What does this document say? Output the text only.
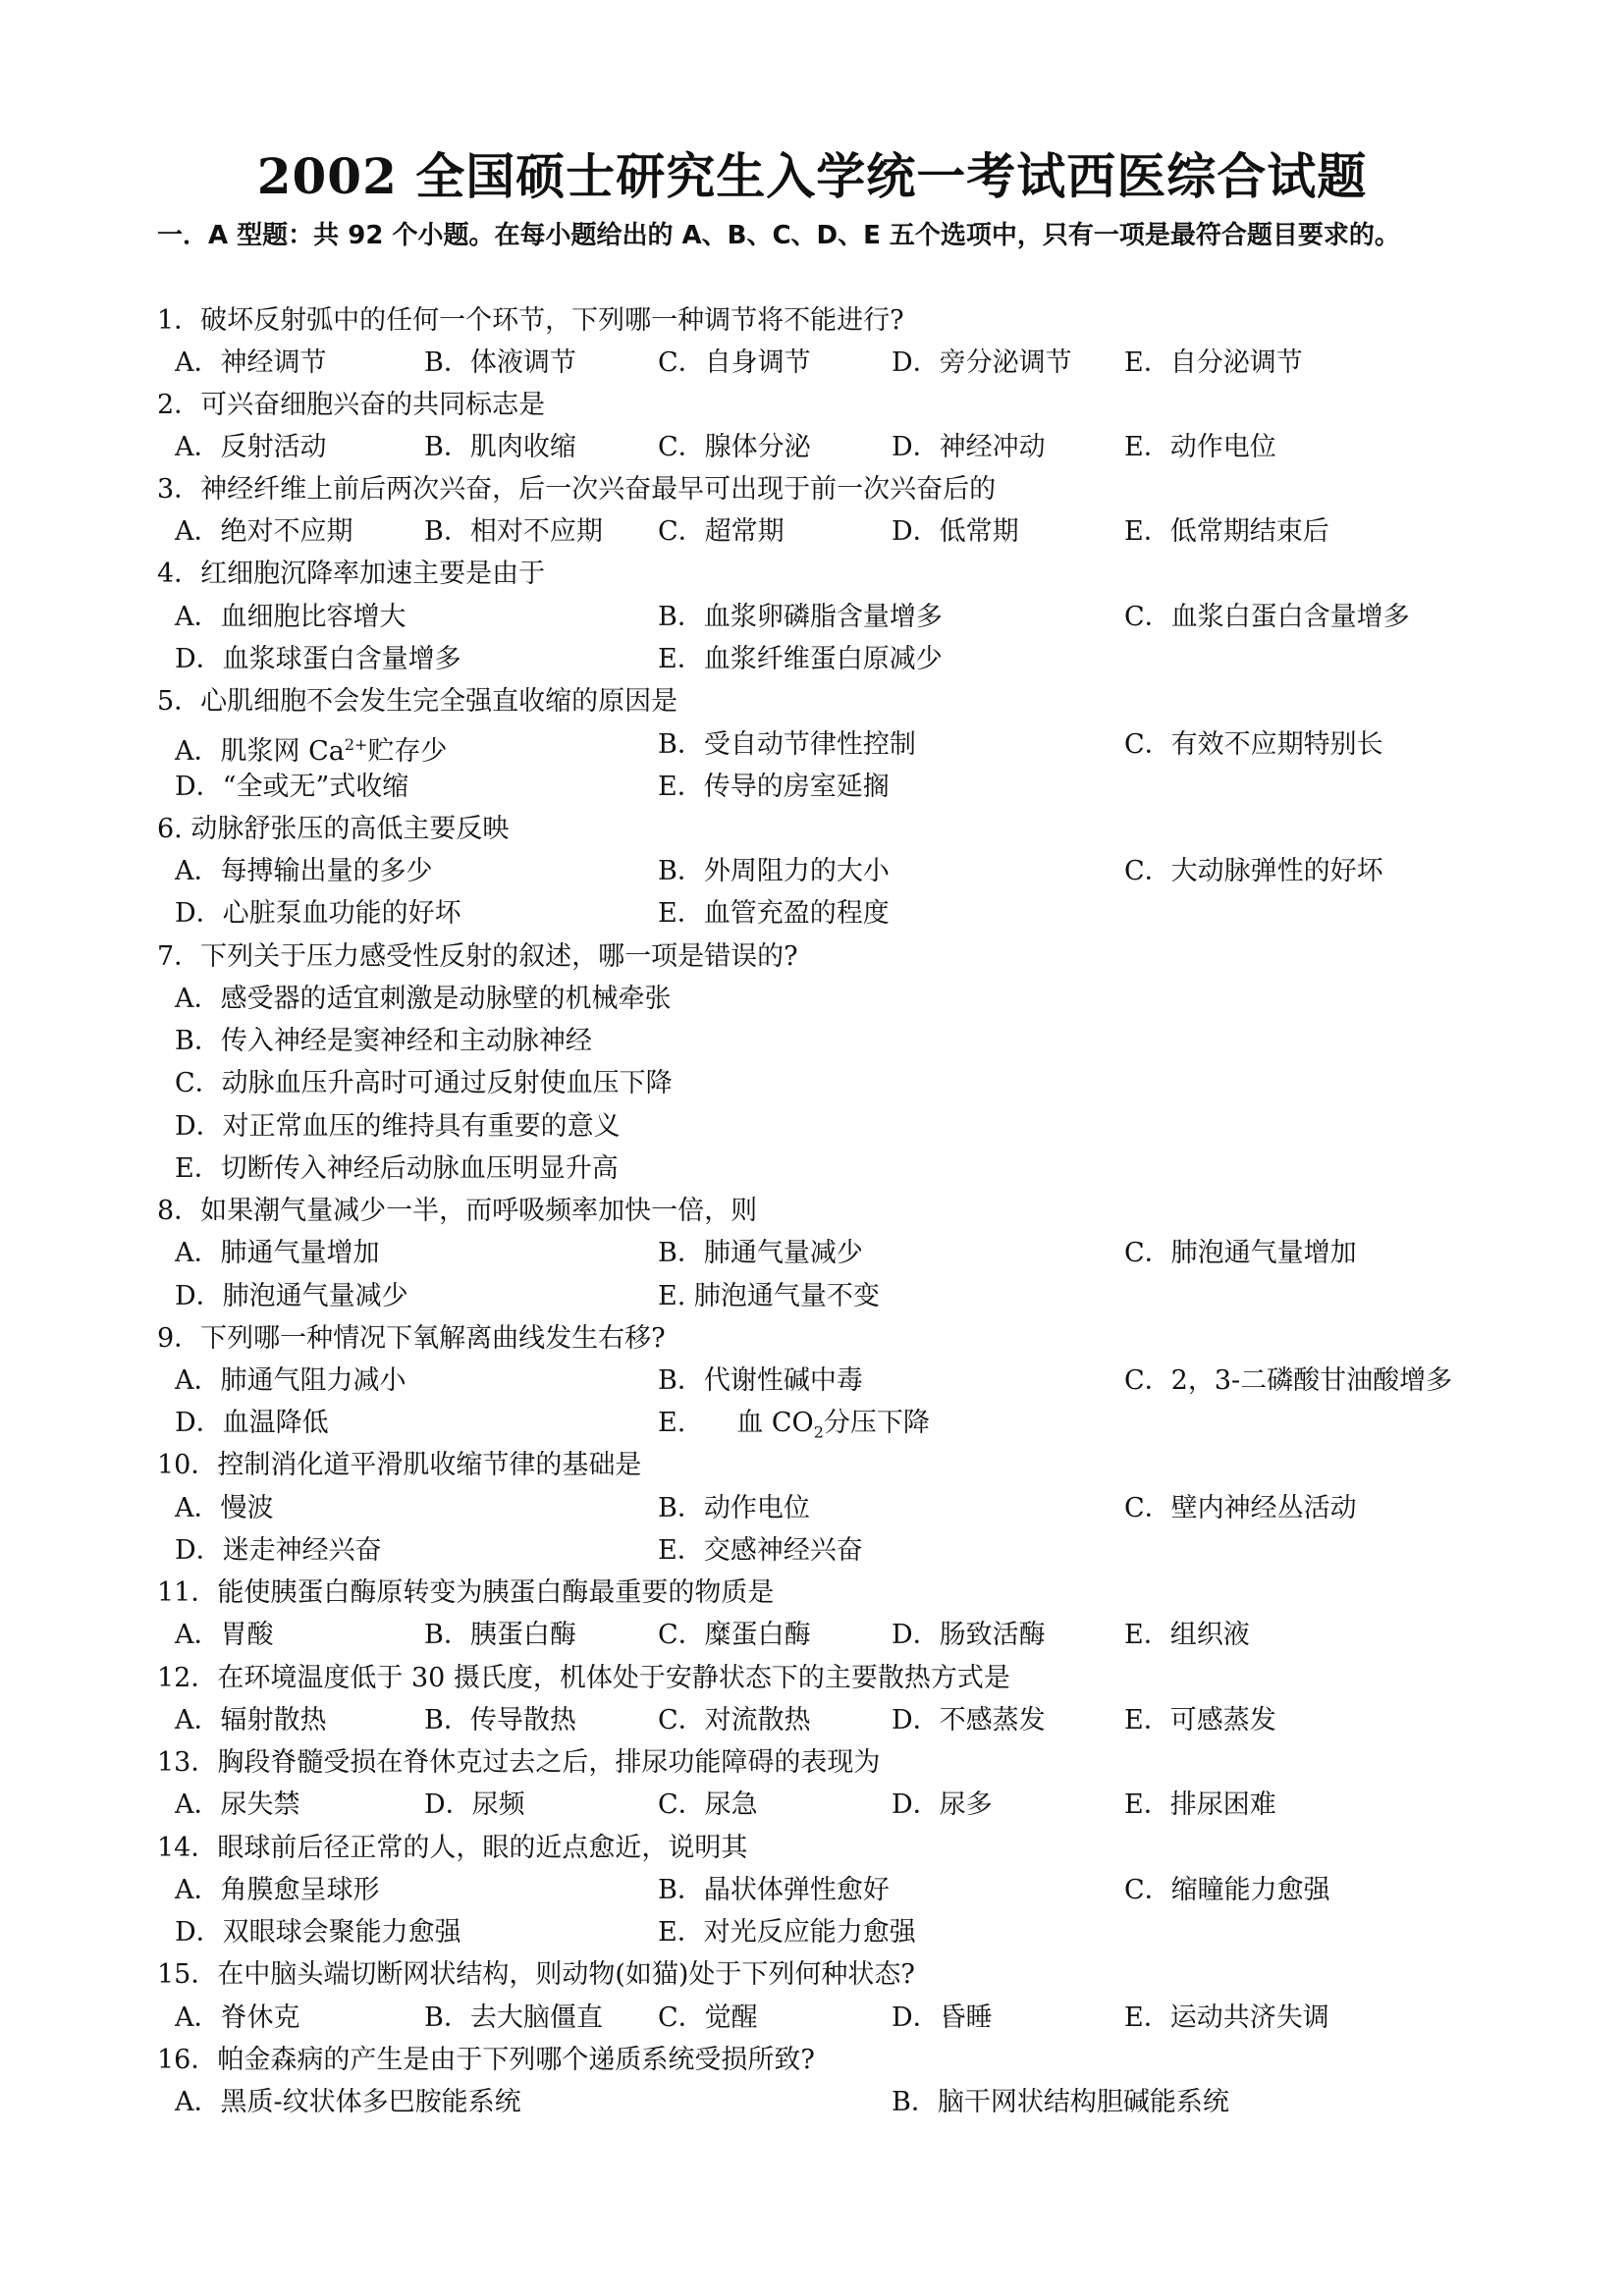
2002 全国硕士研究生入学统一考试西医综合试题
一．A 型题：共 92 个小题。在每小题给出的 A、B、C、D、E 五个选项中，只有一项是最符合题目要求的。
1．破坏反射弧中的任何一个环节，下列哪一种调节将不能进行?
A．神经调节	B．体液调节	C．自身调节	D．旁分泌调节 E．自分泌调节
2．可兴奋细胞兴奋的共同标志是
A．反射活动	B．肌肉收缩	C．腺体分泌	D．神经冲动	E．动作电位
3．神经纤维上前后两次兴奋，后一次兴奋最早可出现于前一次兴奋后的
A．绝对不应期	B．相对不应期 C．超常期	D．低常期	E．低常期结束后
4．红细胞沉降率加速主要是由于
A．血细胞比容增大	B．血浆卵磷脂含量增多	C．血浆白蛋白含量增多
D．血浆球蛋白含量增多	E．血浆纤维蛋白原减少
5．心肌细胞不会发生完全强直收缩的原因是
A．肌浆网 $Ca^{2+}$贮存少	B．受自动节律性控制	C．有效不应期特别长
D．“全或无”式收缩	E．传导的房室延搁
6. 动脉舒张压的高低主要反映
A．每搏输出量的多少	B．外周阻力的大小	C．大动脉弹性的好坏
D．心脏泵血功能的好坏	E．血管充盈的程度
7．下列关于压力感受性反射的叙述，哪一项是错误的?
A．感受器的适宜刺激是动脉壁的机械牵张
B．传入神经是窦神经和主动脉神经
C．动脉血压升高时可通过反射使血压下降
D．对正常血压的维持具有重要的意义
E．切断传入神经后动脉血压明显升高
8．如果潮气量减少一半，而呼吸频率加快一倍，则
A．肺通气量增加	B．肺通气量减少	C．肺泡通气量增加
D．肺泡通气量减少	E. 肺泡通气量不变
9．下列哪一种情况下氧解离曲线发生右移?
A．肺通气阻力减小	B．代谢性碱中毒	C．2，3-二磷酸甘油酸增多
D．血温降低	E. 血 $CO_2$分压下降
10．控制消化道平滑肌收缩节律的基础是
A．慢波	B．动作电位	C．壁内神经丛活动
D．迷走神经兴奋	E．交感神经兴奋
11．能使胰蛋白酶原转变为胰蛋白酶最重要的物质是
A．胃酸	B．胰蛋白酶	C．糜蛋白酶	D．肠致活酶	E．组织液
12．在环境温度低于 30 摄氏度，机体处于安静状态下的主要散热方式是
A．辐射散热	B．传导散热	C．对流散热	D．不感蒸发	E．可感蒸发
13．胸段脊髓受损在脊休克过去之后，排尿功能障碍的表现为
A．尿失禁	D．尿频	C．尿急	D．尿多	E．排尿困难
14．眼球前后径正常的人，眼的近点愈近，说明其
A．角膜愈呈球形	B．晶状体弹性愈好	C．缩瞳能力愈强
D．双眼球会聚能力愈强	E．对光反应能力愈强
15．在中脑头端切断网状结构，则动物(如猫)处于下列何种状态?
A．脊休克	B．去大脑僵直 C．觉醒	D．昏睡	E．运动共济失调
16．帕金森病的产生是由于下列哪个递质系统受损所致?
A．黑质-纹状体多巴胺能系统	B．脑干网状结构胆碱能系统
